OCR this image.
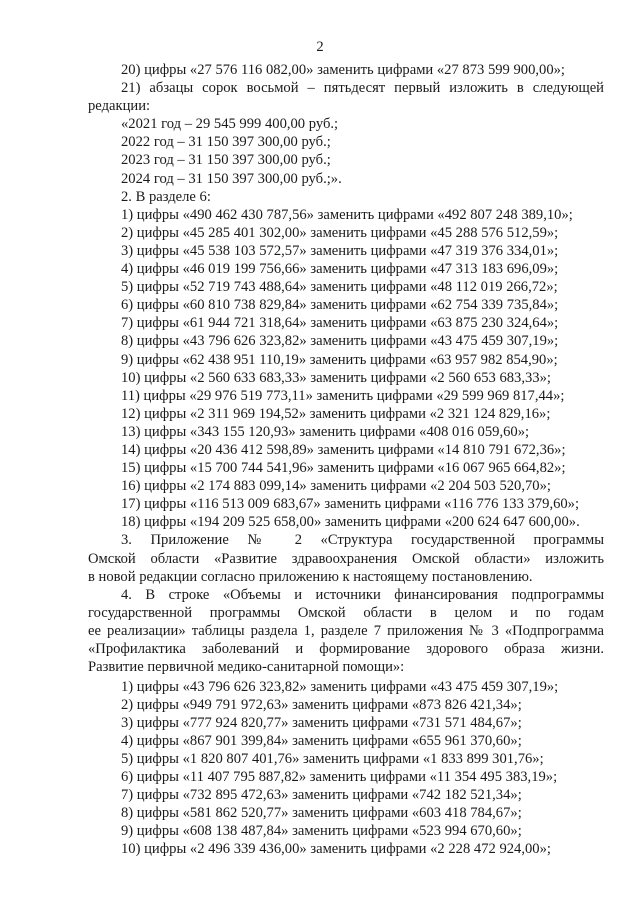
2
20) цифры «27 576 116 082,00» заменить цифрами «27 873 599 900,00»;
21) абзацы сорок восьмой – пятьдесят первый изложить в следующей
редакции:
«2021 год – 29 545 999 400,00 руб.;
2022 год – 31 150 397 300,00 руб.;
2023 год – 31 150 397 300,00 руб.;
2024 год – 31 150 397 300,00 руб.;».
2. В разделе 6:
1) цифры «490 462 430 787,56» заменить цифрами «492 807 248 389,10»;
2) цифры «45 285 401 302,00» заменить цифрами «45 288 576 512,59»;
3) цифры «45 538 103 572,57» заменить цифрами «47 319 376 334,01»;
4) цифры «46 019 199 756,66» заменить цифрами «47 313 183 696,09»;
5) цифры «52 719 743 488,64» заменить цифрами «48 112 019 266,72»;
6) цифры «60 810 738 829,84» заменить цифрами «62 754 339 735,84»;
7) цифры «61 944 721 318,64» заменить цифрами «63 875 230 324,64»;
8) цифры «43 796 626 323,82» заменить цифрами «43 475 459 307,19»;
9) цифры «62 438 951 110,19» заменить цифрами «63 957 982 854,90»;
10) цифры «2 560 633 683,33» заменить цифрами «2 560 653 683,33»;
11) цифры «29 976 519 773,11» заменить цифрами «29 599 969 817,44»;
12) цифры «2 311 969 194,52» заменить цифрами «2 321 124 829,16»;
13) цифры «343 155 120,93» заменить цифрами «408 016 059,60»;
14) цифры «20 436 412 598,89» заменить цифрами «14 810 791 672,36»;
15) цифры «15 700 744 541,96» заменить цифрами «16 067 965 664,82»;
16) цифры «2 174 883 099,14» заменить цифрами «2 204 503 520,70»;
17) цифры «116 513 009 683,67» заменить цифрами «116 776 133 379,60»;
18) цифры «194 209 525 658,00» заменить цифрами «200 624 647 600,00».
3. Приложение № 2 «Структура государственной программы
Омской области «Развитие здравоохранения Омской области» изложить
в новой редакции согласно приложению к настоящему постановлению.
4. В строке «Объемы и источники финансирования подпрограммы
государственной программы Омской области в целом и по годам
ее реализации» таблицы раздела 1, разделе 7 приложения № 3 «Подпрограмма
«Профилактика заболеваний и формирование здорового образа жизни.
Развитие первичной медико-санитарной помощи»:
1) цифры «43 796 626 323,82» заменить цифрами «43 475 459 307,19»;
2) цифры «949 791 972,63» заменить цифрами «873 826 421,34»;
3) цифры «777 924 820,77» заменить цифрами «731 571 484,67»;
4) цифры «867 901 399,84» заменить цифрами «655 961 370,60»;
5) цифры «1 820 807 401,76» заменить цифрами «1 833 899 301,76»;
6) цифры «11 407 795 887,82» заменить цифрами «11 354 495 383,19»;
7) цифры «732 895 472,63» заменить цифрами «742 182 521,34»;
8) цифры «581 862 520,77» заменить цифрами «603 418 784,67»;
9) цифры «608 138 487,84» заменить цифрами «523 994 670,60»;
10) цифры «2 496 339 436,00» заменить цифрами «2 228 472 924,00»;
